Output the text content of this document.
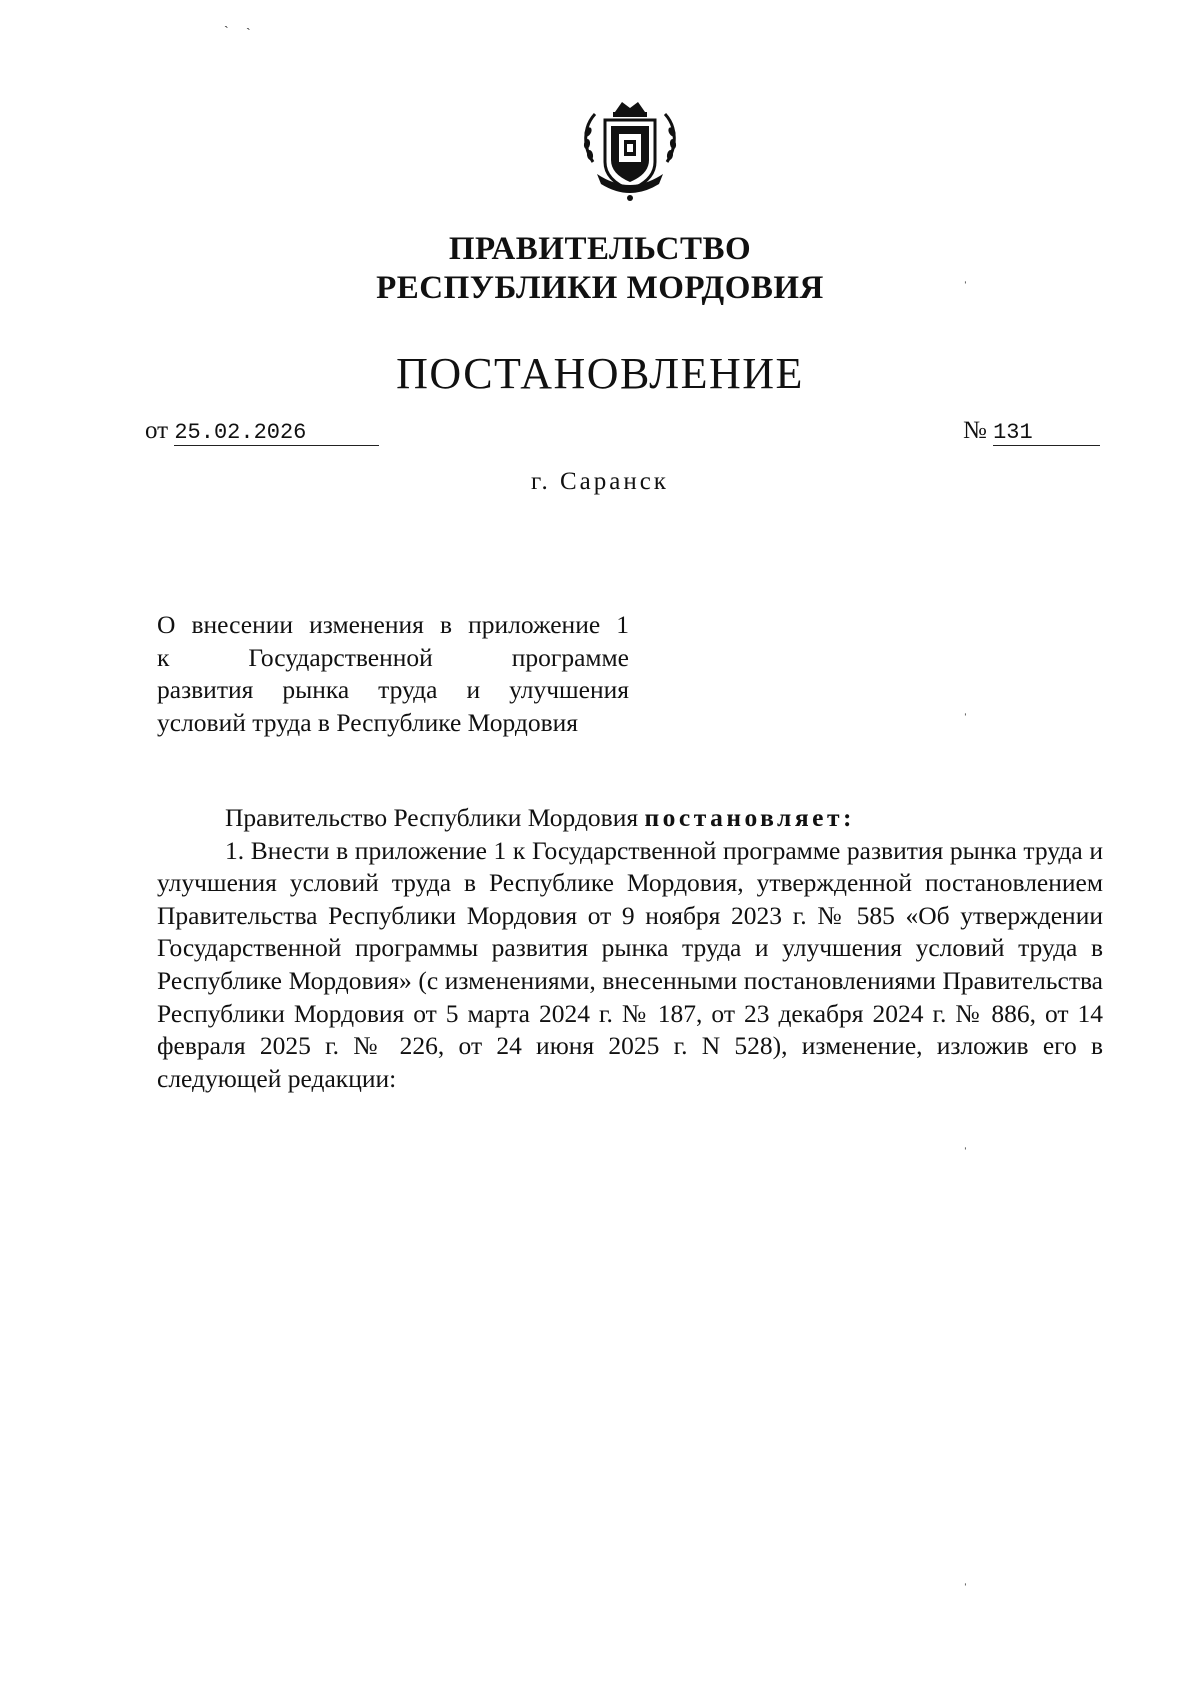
ПРАВИТЕЛЬСТВО
РЕСПУБЛИКИ МОРДОВИЯ
ПОСТАНОВЛЕНИЕ
от 25.02.2026	№ 131
г. Саранск
О внесении изменения в приложение 1
к Государственной программе
развития рынка труда и улучшения
условий труда в Республике Мордовия

Правительство Республики Мордовия постановляет:

1. Внести в приложение 1 к Государственной программе развития рынка труда и улучшения условий труда в Республике Мордовия, утвержденной постановлением Правительства Республики Мордовия от 9 ноября 2023 г. № 585 «Об утверждении Государственной программы развития рынка труда и улучшения условий труда в Республике Мордовия» (с изменениями, внесенными постановлениями Правительства Республики Мордовия от 5 марта 2024 г. № 187, от 23 декабря 2024 г. № 886, от 14 февраля 2025 г. № 226, от 24 июня 2025 г. N 528), изменение, изложив его в следующей редакции:

ˎ ˎ
ˈ
ˈ
ˈ
ˈ
